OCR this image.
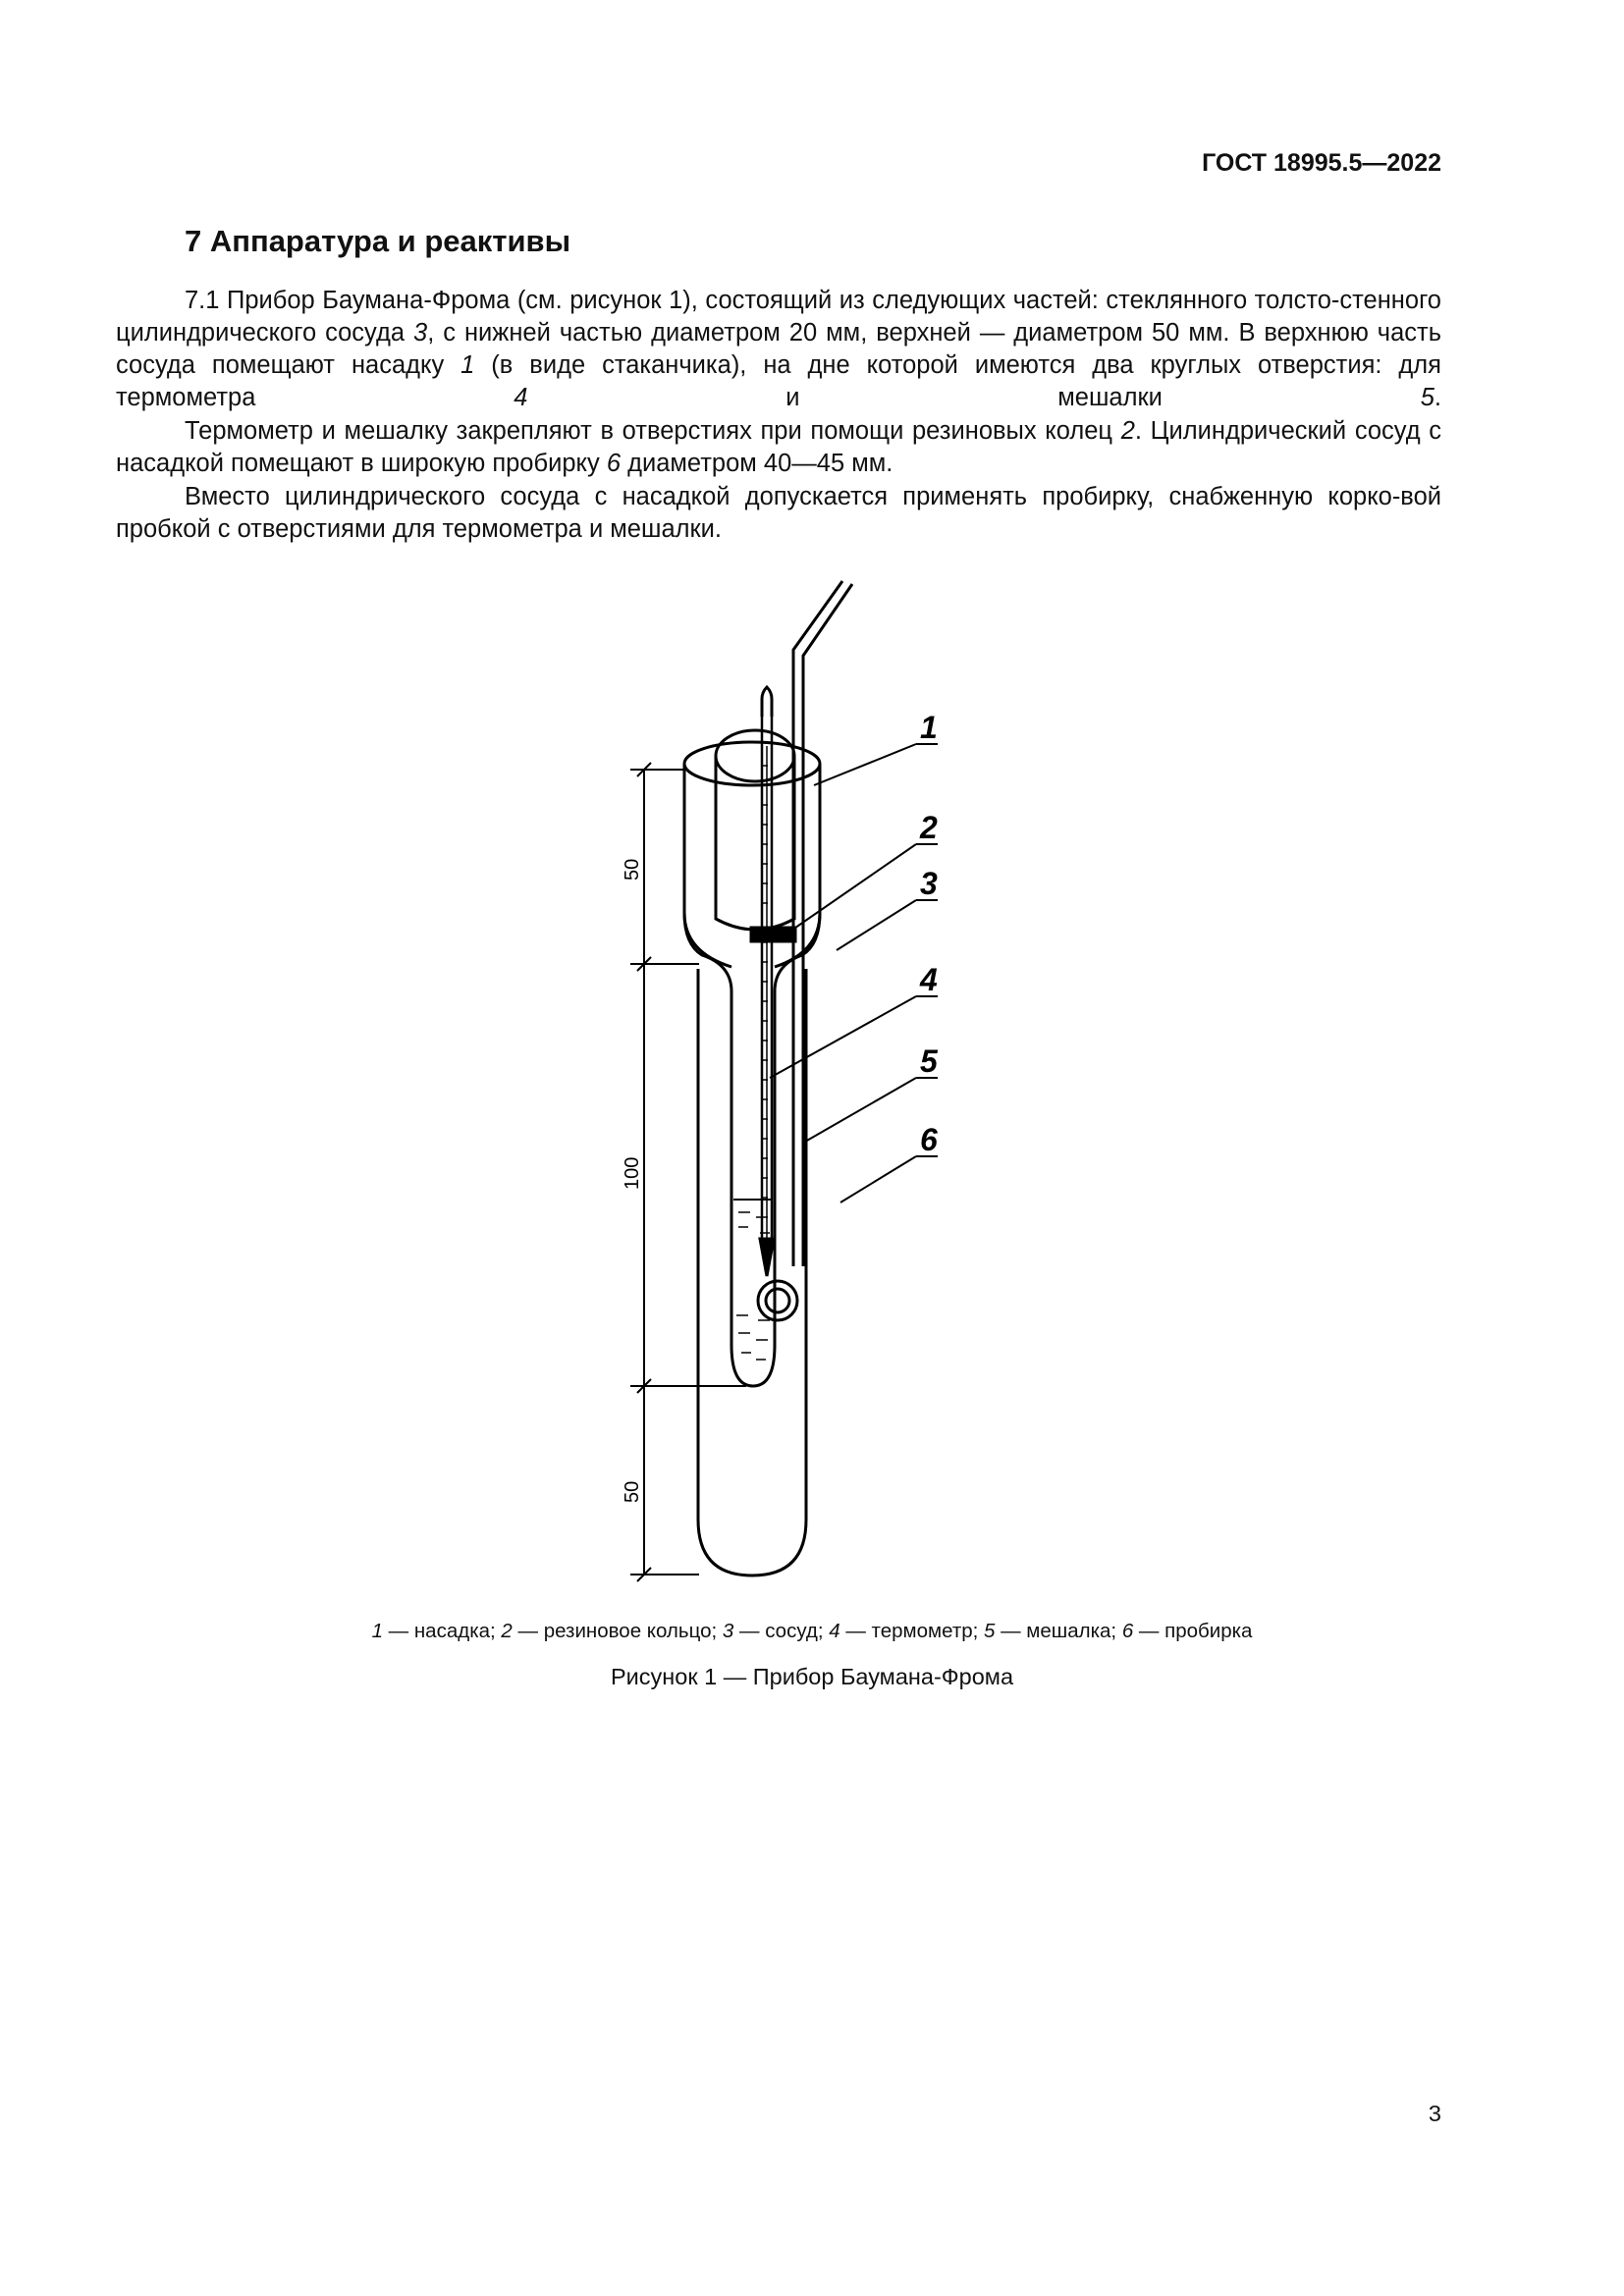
ГОСТ 18995.5—2022
7 Аппаратура и реактивы

7.1 Прибор Баумана-Фрома (см. рисунок 1), состоящий из следующих частей: стеклянного толсто-стенного цилиндрического сосуда 3, с нижней частью диаметром 20 мм, верхней — диаметром 50 мм. В верхнюю часть сосуда помещают насадку 1 (в виде стаканчика), на дне которой имеются два круглых отверстия: для термометра 4 и мешалки 5.

Термометр и мешалку закрепляют в отверстиях при помощи резиновых колец 2. Цилиндрический сосуд с насадкой помещают в широкую пробирку 6 диаметром 40—45 мм.

Вместо цилиндрического сосуда с насадкой допускается применять пробирку, снабженную корко-вой пробкой с отверстиями для термометра и мешалки.

1
2
3
4
5
6
50
100
50
1 — насадка; 2 — резиновое кольцо; 3 — сосуд; 4 — термометр; 5 — мешалка; 6 — пробирка
Рисунок 1 — Прибор Баумана-Фрома
3
